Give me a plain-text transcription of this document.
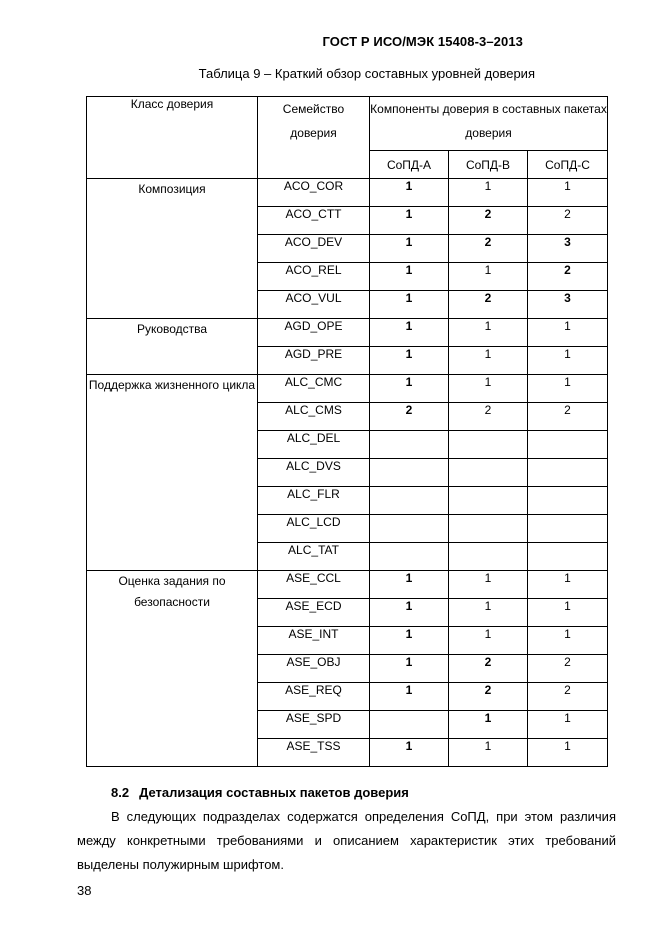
ГОСТ Р ИСО/МЭК 15408-3–2013
Таблица 9 – Краткий обзор составных уровней доверия
Класс доверия	Семейство доверия	Компоненты доверия в составных пакетах доверия		
		СоПД-А	СоПД-В	СоПД-С
Композиция	ACO_COR	1	1	1
	ACO_CTT	1	2	2
	ACO_DEV	1	2	3
	ACO_REL	1	1	2
	ACO_VUL	1	2	3
Руководства	AGD_OPE	1	1	1
	AGD_PRE	1	1	1
Поддержка жизненного цикла	ALC_CMC	1	1	1
	ALC_CMS	2	2	2
	ALC_DEL			
	ALC_DVS			
	ALC_FLR			
	ALC_LCD			
	ALC_TAT			
Оценка задания по безопасности	ASE_CCL	1	1	1
	ASE_ECD	1	1	1
	ASE_INT	1	1	1
	ASE_OBJ	1	2	2
	ASE_REQ	1	2	2
	ASE_SPD		1	1
	ASE_TSS	1	1	1
8.2 Детализация составных пакетов доверия

В следующих подразделах содержатся определения СоПД, при этом различия между конкретными требованиями и описанием характеристик этих требований выделены полужирным шрифтом.

38
